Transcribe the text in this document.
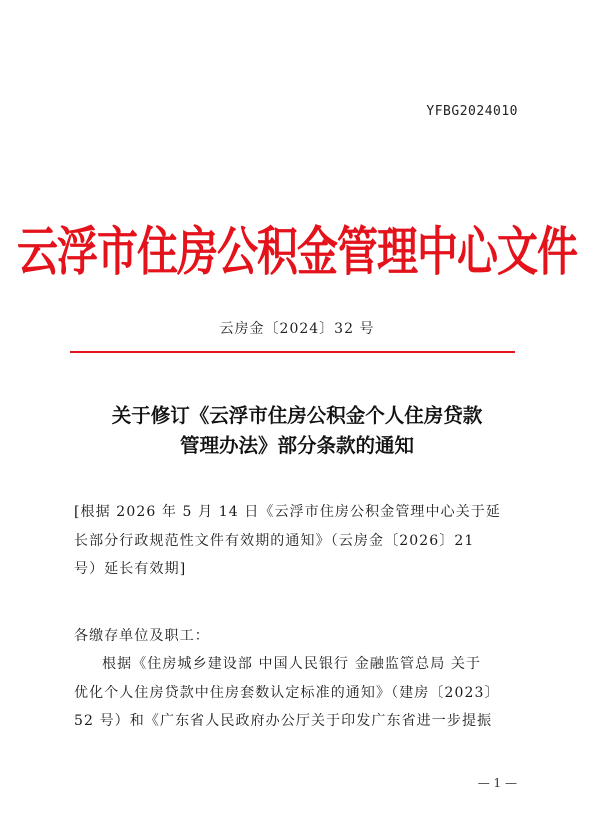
YFBG2024010
云浮市住房公积金管理中心文件
云房金〔2024〕32 号
关于修订《云浮市住房公积金个人住房贷款
管理办法》部分条款的通知
[根据 2026 年 5 月 14 日《云浮市住房公积金管理中心关于延
长部分行政规范性文件有效期的通知》（云房金〔2026〕21
号）延长有效期]
各缴存单位及职工：
根据《住房城乡建设部 中国人民银行 金融监管总局 关于
优化个人住房贷款中住房套数认定标准的通知》（建房〔2023〕
52 号）和《广东省人民政府办公厅关于印发广东省进一步提振
— 1 —
